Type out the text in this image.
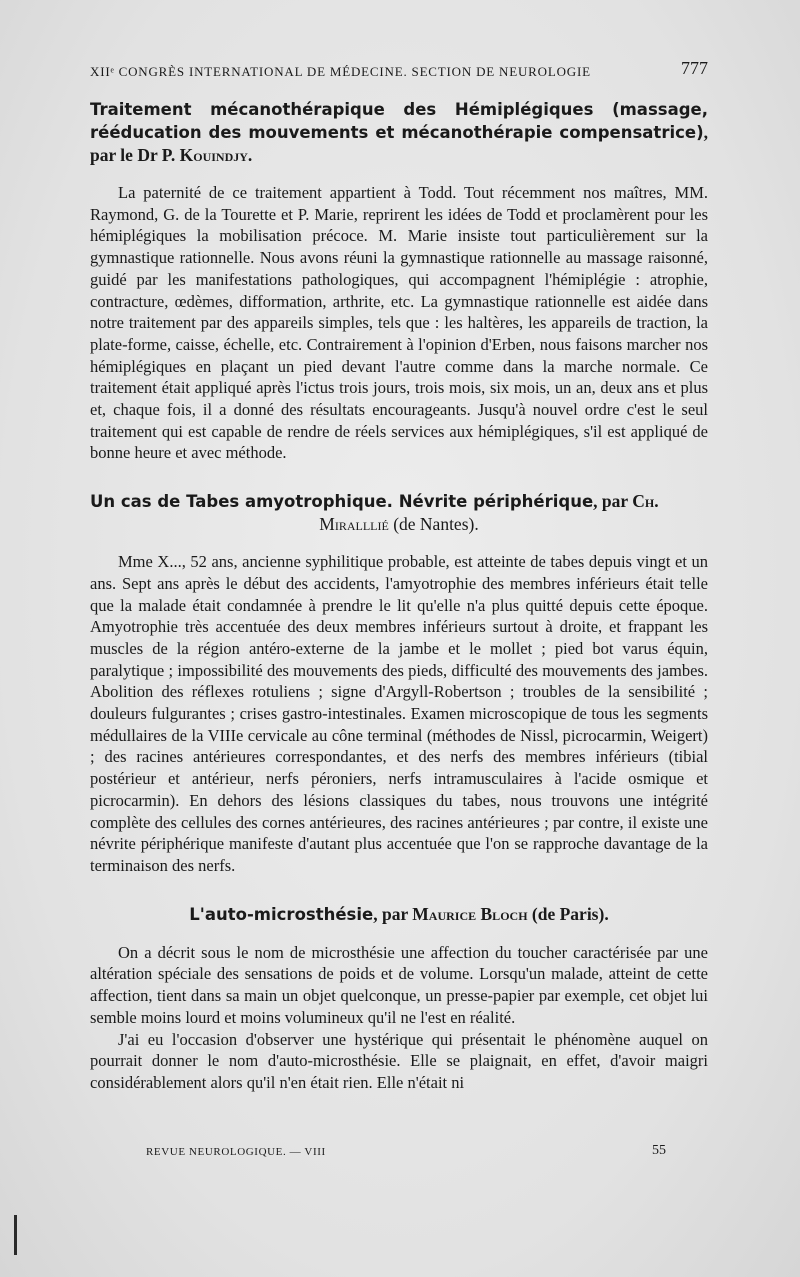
XIIᵉ CONGRÈS INTERNATIONAL DE MÉDECINE. SECTION DE NEUROLOGIE	777
Traitement mécanothérapique des Hémiplégiques (massage, rééducation des mouvements et mécanothérapie compensatrice), par le Dr P. Kouindjy.

La paternité de ce traitement appartient à Todd. Tout récemment nos maîtres, MM. Raymond, G. de la Tourette et P. Marie, reprirent les idées de Todd et proclamèrent pour les hémiplégiques la mobilisation précoce. M. Marie insiste tout particulièrement sur la gymnastique rationnelle. Nous avons réuni la gymnastique rationnelle au massage raisonné, guidé par les manifestations pathologiques, qui accompagnent l'hémiplégie : atrophie, contracture, œdèmes, difformation, arthrite, etc. La gymnastique rationnelle est aidée dans notre traitement par des appareils simples, tels que : les haltères, les appareils de traction, la plate-forme, caisse, échelle, etc. Contrairement à l'opinion d'Erben, nous faisons marcher nos hémiplégiques en plaçant un pied devant l'autre comme dans la marche normale. Ce traitement était appliqué après l'ictus trois jours, trois mois, six mois, un an, deux ans et plus et, chaque fois, il a donné des résultats encourageants. Jusqu'à nouvel ordre c'est le seul traitement qui est capable de rendre de réels services aux hémiplégiques, s'il est appliqué de bonne heure et avec méthode.

Un cas de Tabes amyotrophique. Névrite périphérique, par Ch.
Miralllié (de Nantes).

Mme X..., 52 ans, ancienne syphilitique probable, est atteinte de tabes depuis vingt et un ans. Sept ans après le début des accidents, l'amyotrophie des membres inférieurs était telle que la malade était condamnée à prendre le lit qu'elle n'a plus quitté depuis cette époque. Amyotrophie très accentuée des deux membres inférieurs surtout à droite, et frappant les muscles de la région antéro-externe de la jambe et le mollet ; pied bot varus équin, paralytique ; impossibilité des mouvements des pieds, difficulté des mouvements des jambes. Abolition des réflexes rotuliens ; signe d'Argyll-Robertson ; troubles de la sensibilité ; douleurs fulgurantes ; crises gastro-intestinales. Examen microscopique de tous les segments médullaires de la VIIIe cervicale au cône terminal (méthodes de Nissl, picrocarmin, Weigert) ; des racines antérieures correspondantes, et des nerfs des membres inférieurs (tibial postérieur et antérieur, nerfs péroniers, nerfs intramusculaires à l'acide osmique et picrocarmin). En dehors des lésions classiques du tabes, nous trouvons une intégrité complète des cellules des cornes antérieures, des racines antérieures ; par contre, il existe une névrite périphérique manifeste d'autant plus accentuée que l'on se rapproche davantage de la terminaison des nerfs.

L'auto-microsthésie, par Maurice Bloch (de Paris).

On a décrit sous le nom de microsthésie une affection du toucher caractérisée par une altération spéciale des sensations de poids et de volume. Lorsqu'un malade, atteint de cette affection, tient dans sa main un objet quelconque, un presse-papier par exemple, cet objet lui semble moins lourd et moins volumineux qu'il ne l'est en réalité.

J'ai eu l'occasion d'observer une hystérique qui présentait le phénomène auquel on pourrait donner le nom d'auto-microsthésie. Elle se plaignait, en effet, d'avoir maigri considérablement alors qu'il n'en était rien. Elle n'était ni

REVUE NEUROLOGIQUE. — VIII	55
